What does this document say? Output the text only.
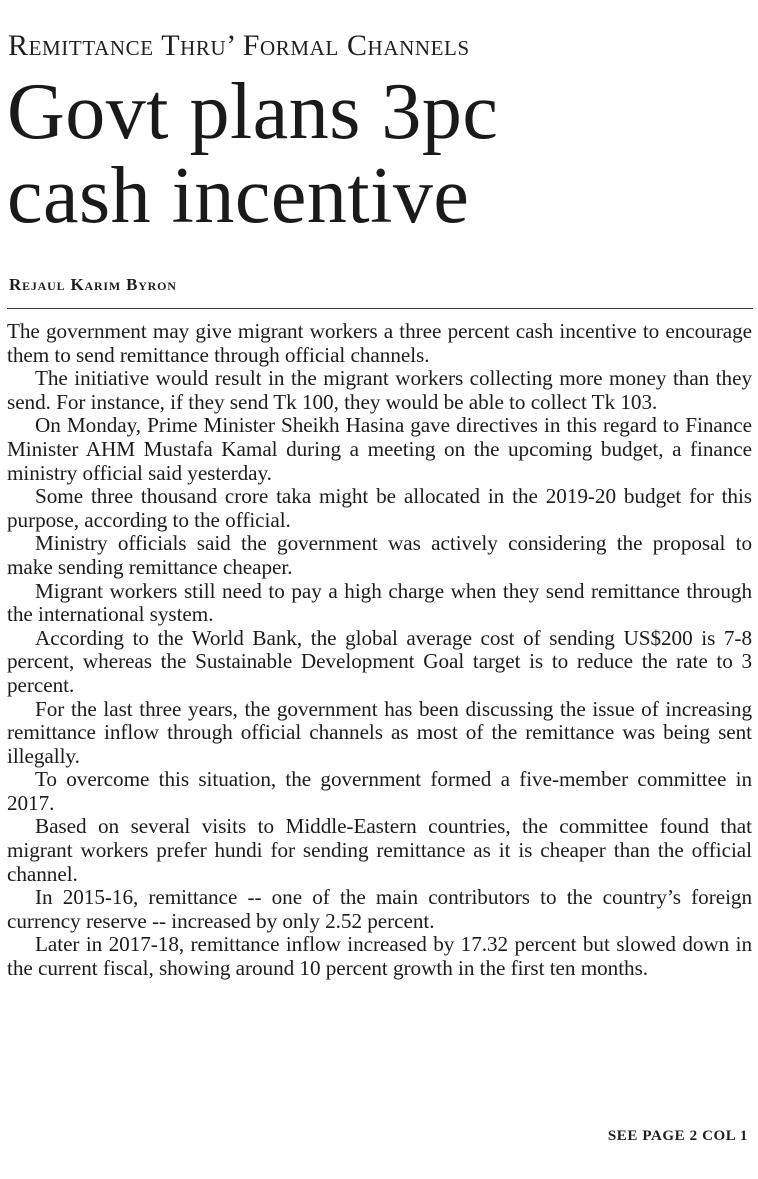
Remittance Thru’ Formal Channels
Govt plans 3pc
cash incentive
Rejaul Karim Byron

The government may give migrant workers a three percent cash incentive to encourage them to send remittance through official channels.

The initiative would result in the migrant workers collecting more money than they send. For instance, if they send Tk 100, they would be able to collect Tk 103.

On Monday, Prime Minister Sheikh Hasina gave directives in this regard to Finance Minister AHM Mustafa Kamal during a meeting on the upcoming budget, a finance ministry official said yesterday.

Some three thousand crore taka might be allocated in the 2019-20 budget for this purpose, according to the official.

Ministry officials said the government was actively considering the proposal to make sending remittance cheaper.

Migrant workers still need to pay a high charge when they send remittance through the international system.

According to the World Bank, the global average cost of sending US$200 is 7-8 percent, whereas the Sustainable Development Goal target is to reduce the rate to 3 percent.

For the last three years, the government has been discussing the issue of increasing remittance inflow through official channels as most of the remittance was being sent illegally.

To overcome this situation, the government formed a five-member committee in 2017.

Based on several visits to Middle-Eastern countries, the committee found that migrant workers prefer hundi for sending remittance as it is cheaper than the official channel.

In 2015-16, remittance -- one of the main contributors to the country’s foreign currency reserve -- increased by only 2.52 percent.

Later in 2017-18, remittance inflow increased by 17.32 percent but slowed down in the current fiscal, showing around 10 percent growth in the first ten months.

SEE PAGE 2 COL 1
